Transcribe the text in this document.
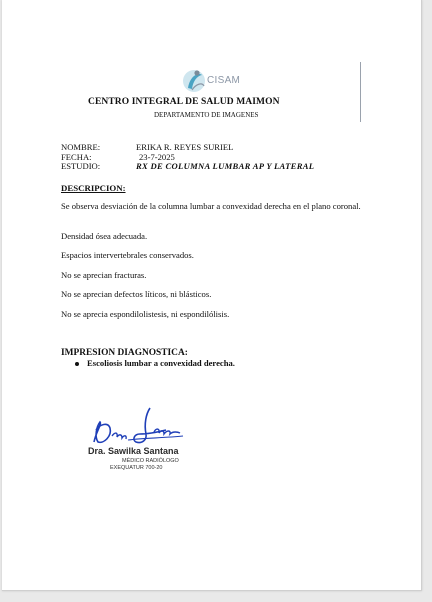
CISAM
CENTRO INTEGRAL DE SALUD MAIMON
DEPARTAMENTO DE IMAGENES
NOMBRE:	ERIKA R. REYES SURIEL
FECHA:	23-7-2025
ESTUDIO:	RX DE COLUMNA LUMBAR AP Y LATERAL
DESCRIPCION:
Se observa desviación de la columna lumbar a convexidad derecha en el plano coronal.
Densidad ósea adecuada.
Espacios intervertebrales conservados.
No se aprecian fracturas.
No se aprecian defectos líticos, ni blásticos.
No se aprecia espondilolistesis, ni espondilólisis.
IMPRESION DIAGNOSTICA:
Escoliosis lumbar a convexidad derecha.
Dra. Sawilka Santana
MÉDICO RADIÓLOGO
EXEQUATUR 700-20
